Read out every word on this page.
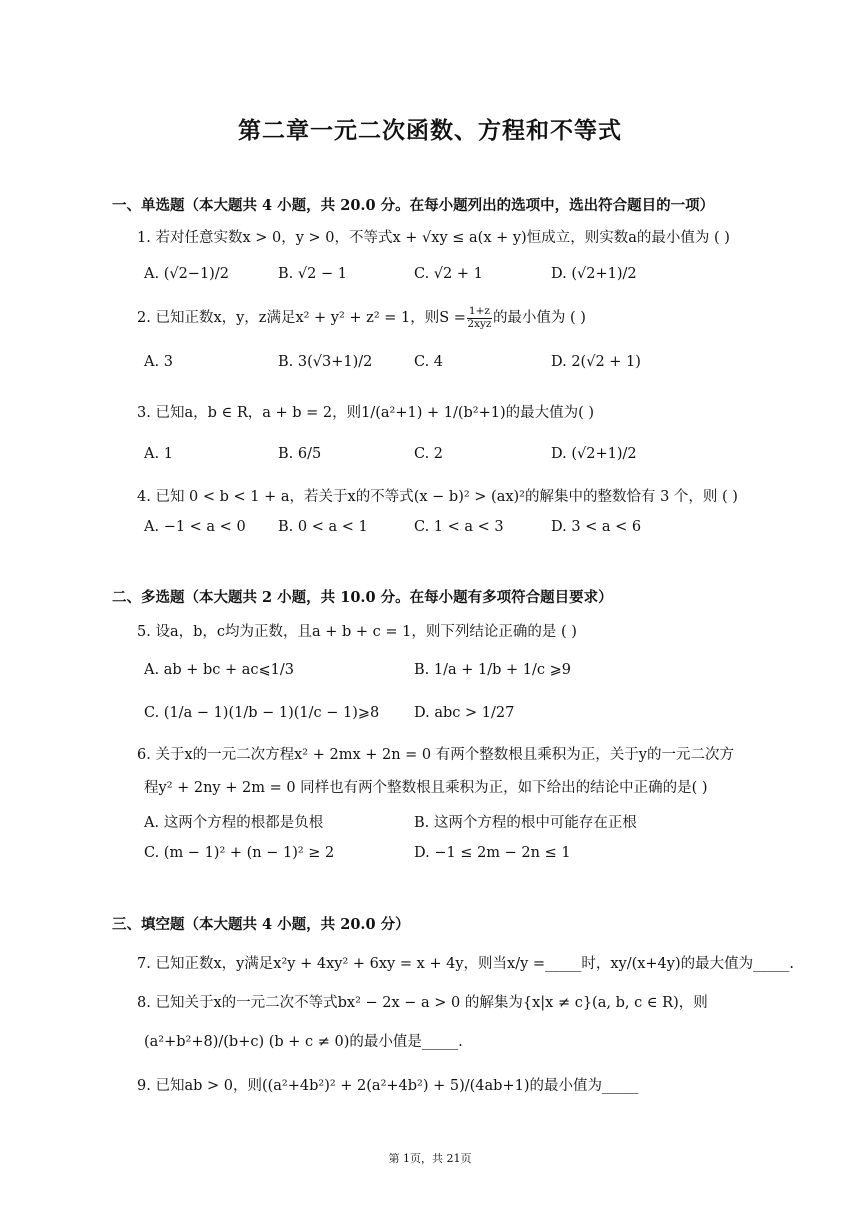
第二章一元二次函数、方程和不等式
一、单选题（本大题共 4 小题，共 20.0 分。在每小题列出的选项中，选出符合题目的一项）
1. 若对任意实数x > 0，y > 0，不等式x + √xy ≤ a(x + y)恒成立，则实数a的最小值为 ( )
A. (√2−1)/2	B. √2 − 1	C. √2 + 1	D. (√2+1)/2
2. 已知正数x，y，z满足x² + y² + z² = 1，则$S = \frac{1+z}{\text{2xyz}}$ 的最小值为 ( )
A. 3	B. 3(√3+1)/2	C. 4	D. 2(√2 + 1)
3. 已知a，b ∈ R，a + b = 2，则1/(a²+1) + 1/(b²+1)的最大值为( )
A. 1	B. 6/5	C. 2	D. (√2+1)/2
4. 已知 0 < b < 1 + a，若关于x的不等式(x − b)² > (ax)²的解集中的整数恰有 3 个，则 ( )
A. −1 < a < 0 B. 0 < a < 1	C. 1 < a < 3	D. 3 < a < 6
二、多选题（本大题共 2 小题，共 10.0 分。在每小题有多项符合题目要求）
5. 设a，b，c均为正数，且a + b + c = 1，则下列结论正确的是 ( )
A. ab + bc + ac⩽1/3	B. 1/a + 1/b + 1/c ⩾9
C. (1/a − 1)(1/b − 1)(1/c − 1)⩾8 D. abc > 1/27
6. 关于x的一元二次方程x² + 2mx + 2n = 0 有两个整数根且乘积为正，关于y的一元二次方
程y² + 2ny + 2m = 0 同样也有两个整数根且乘积为正，如下给出的结论中正确的是( )
A. 这两个方程的根都是负根	B. 这两个方程的根中可能存在正根
C. (m − 1)² + (n − 1)² ≥ 2	D. −1 ≤ 2m − 2n ≤ 1
三、填空题（本大题共 4 小题，共 20.0 分）
7. 已知正数x，y满足x²y + 4xy² + 6xy = x + 4y，则当x/y =_____时，xy/(x+4y)的最大值为_____.
8. 已知关于x的一元二次不等式bx² − 2x − a > 0 的解集为{x|x ≠ c}(a, b, c ∈ R)，则
(a²+b²+8)/(b+c) (b + c ≠ 0)的最小值是_____.
9. 已知ab > 0，则((a²+4b²)² + 2(a²+4b²) + 5)/(4ab+1)的最小值为_____
第 1页，共 21页
